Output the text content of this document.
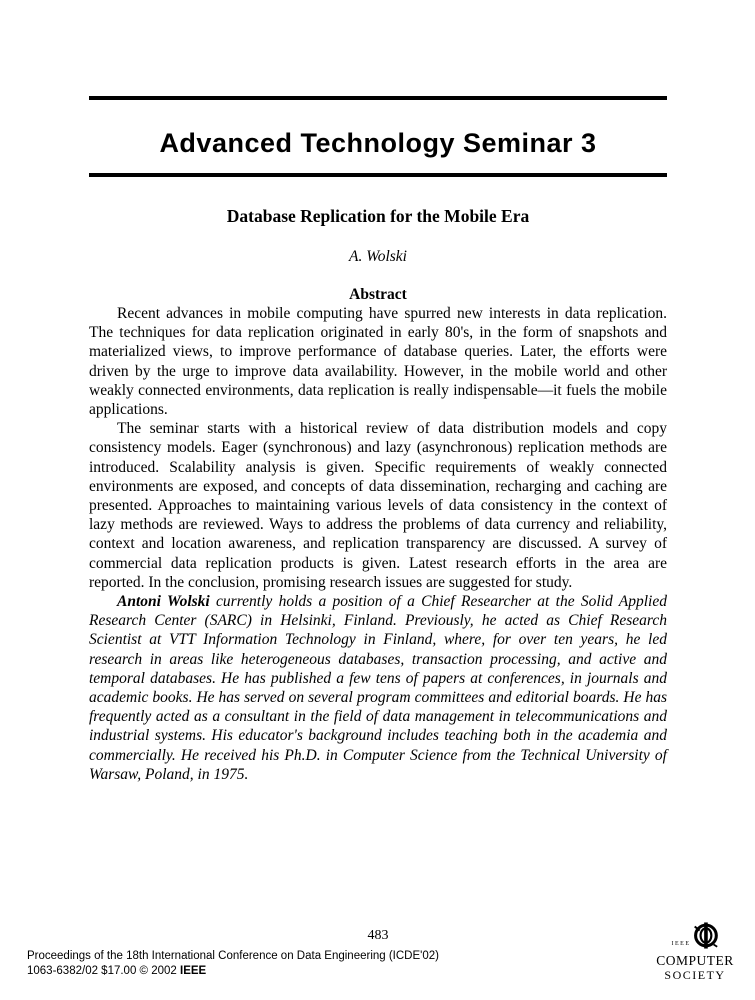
Advanced Technology Seminar 3
Database Replication for the Mobile Era
A. Wolski
Abstract

Recent advances in mobile computing have spurred new interests in data replication. The techniques for data replication originated in early 80's, in the form of snapshots and materialized views, to improve performance of database queries. Later, the efforts were driven by the urge to improve data availability. However, in the mobile world and other weakly connected environments, data replication is really indispensable—it fuels the mobile applications.

The seminar starts with a historical review of data distribution models and copy consistency models. Eager (synchronous) and lazy (asynchronous) replication methods are introduced. Scalability analysis is given. Specific requirements of weakly connected environments are exposed, and concepts of data dissemination, recharging and caching are presented. Approaches to maintaining various levels of data consistency in the context of lazy methods are reviewed. Ways to address the problems of data currency and reliability, context and location awareness, and replication transparency are discussed. A survey of commercial data replication products is given. Latest research efforts in the area are reported. In the conclusion, promising research issues are suggested for study.

Antoni Wolski currently holds a position of a Chief Researcher at the Solid Applied Research Center (SARC) in Helsinki, Finland. Previously, he acted as Chief Research Scientist at VTT Information Technology in Finland, where, for over ten years, he led research in areas like heterogeneous databases, transaction processing, and active and temporal databases. He has published a few tens of papers at conferences, in journals and academic books. He has served on several program committees and editorial boards. He has frequently acted as a consultant in the field of data management in telecommunications and industrial systems. His educator's background includes teaching both in the academia and commercially. He received his Ph.D. in Computer Science from the Technical University of Warsaw, Poland, in 1975.

483
Proceedings of the 18th International Conference on Data Engineering (ICDE'02)
1063-6382/02 $17.00 © 2002 IEEE
IEEE
COMPUTER
SOCIETY
